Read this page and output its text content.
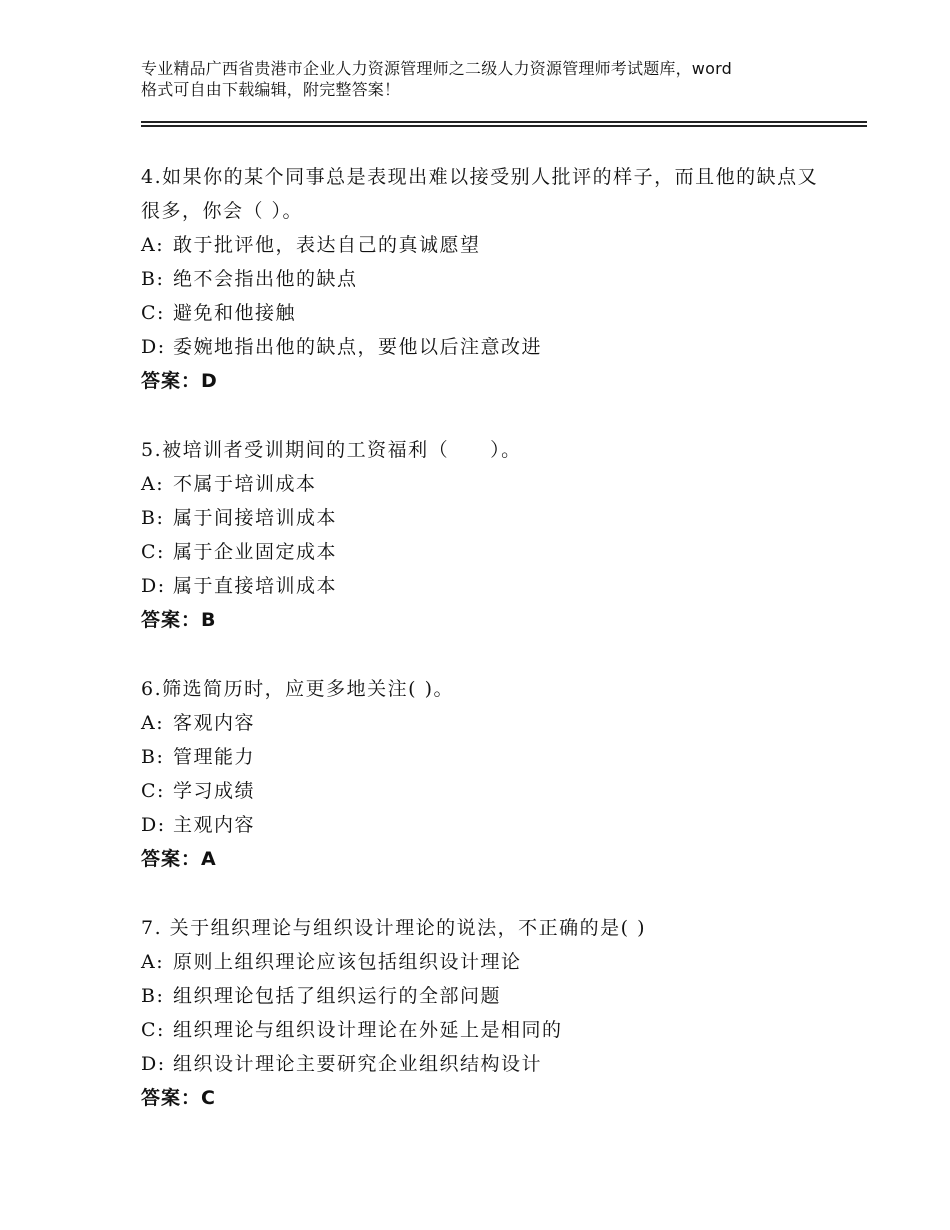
专业精品广西省贵港市企业人力资源管理师之二级人力资源管理师考试题库，word
格式可自由下载编辑，附完整答案！

4.如果你的某个同事总是表现出难以接受别人批评的样子，而且他的缺点又很多，你会（ ）。

A: 敢于批评他，表达自己的真诚愿望
B: 绝不会指出他的缺点
C: 避免和他接触
D: 委婉地指出他的缺点，要他以后注意改进
答案：D

5.被培训者受训期间的工资福利（　　）。

A: 不属于培训成本
B: 属于间接培训成本
C: 属于企业固定成本
D: 属于直接培训成本
答案：B

6.筛选简历时，应更多地关注( )。

A: 客观内容
B: 管理能力
C: 学习成绩
D: 主观内容
答案：A

7. 关于组织理论与组织设计理论的说法，不正确的是( )

A: 原则上组织理论应该包括组织设计理论
B: 组织理论包括了组织运行的全部问题
C: 组织理论与组织设计理论在外延上是相同的
D: 组织设计理论主要研究企业组织结构设计
答案：C
